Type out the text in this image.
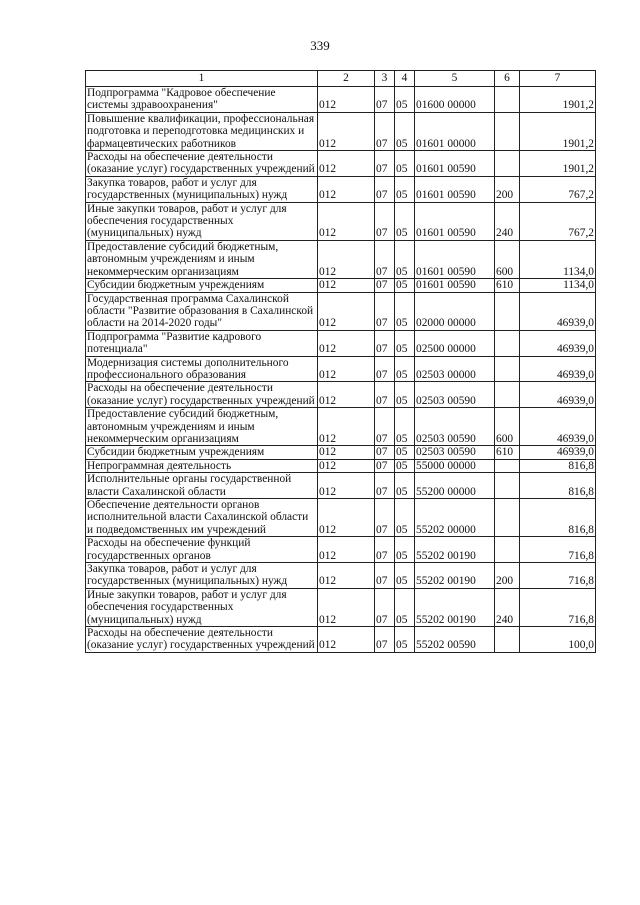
339
1	2	3	4	5	6	7
Подпрограмма "Кадровое обеспечение системы здравоохранения"	012	07	05	01600 00000		1901,2
Повышение квалификации, профессиональная подготовка и переподготовка медицинских и фармацевтических работников	012	07	05	01601 00000		1901,2
Расходы на обеспечение деятельности (оказание услуг) государственных учреждений	012	07	05	01601 00590		1901,2
Закупка товаров, работ и услуг для государственных (муниципальных) нужд	012	07	05	01601 00590	200	767,2
Иные закупки товаров, работ и услуг для обеспечения государственных (муниципальных) нужд	012	07	05	01601 00590	240	767,2
Предоставление субсидий бюджетным, автономным учреждениям и иным некоммерческим организациям	012	07	05	01601 00590	600	1134,0
Субсидии бюджетным учреждениям	012	07	05	01601 00590	610	1134,0
Государственная программа Сахалинской области "Развитие образования в Сахалинской области на 2014-2020 годы"	012	07	05	02000 00000		46939,0
Подпрограмма "Развитие кадрового потенциала"	012	07	05	02500 00000		46939,0
Модернизация системы дополнительного профессионального образования	012	07	05	02503 00000		46939,0
Расходы на обеспечение деятельности (оказание услуг) государственных учреждений	012	07	05	02503 00590		46939,0
Предоставление субсидий бюджетным, автономным учреждениям и иным некоммерческим организациям	012	07	05	02503 00590	600	46939,0
Субсидии бюджетным учреждениям	012	07	05	02503 00590	610	46939,0
Непрограммная деятельность	012	07	05	55000 00000		816,8
Исполнительные органы государственной власти Сахалинской области	012	07	05	55200 00000		816,8
Обеспечение деятельности органов исполнительной власти Сахалинской области и подведомственных им учреждений	012	07	05	55202 00000		816,8
Расходы на обеспечение функций государственных органов	012	07	05	55202 00190		716,8
Закупка товаров, работ и услуг для государственных (муниципальных) нужд	012	07	05	55202 00190	200	716,8
Иные закупки товаров, работ и услуг для обеспечения государственных (муниципальных) нужд	012	07	05	55202 00190	240	716,8
Расходы на обеспечение деятельности (оказание услуг) государственных учреждений	012	07	05	55202 00590		100,0
